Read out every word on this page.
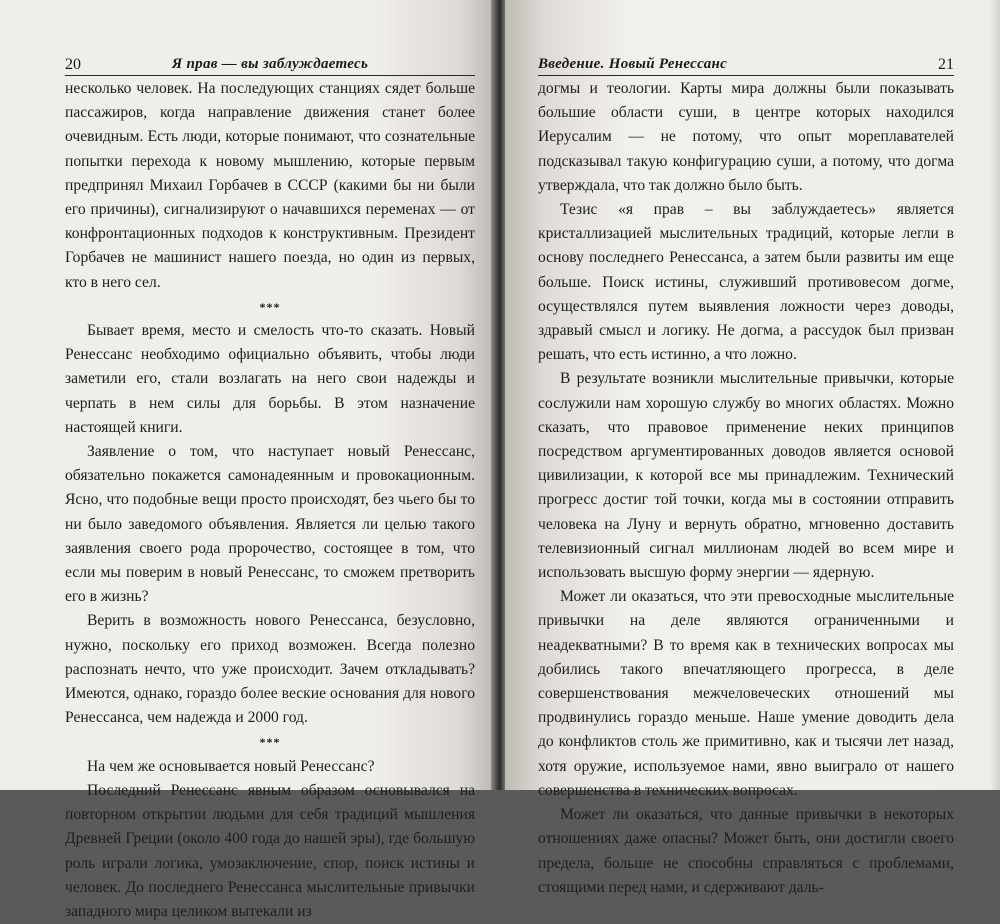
20	Я прав — вы заблуждаетесь

несколько человек. На последующих станциях сядет больше пассажиров, когда направление движения станет более очевидным. Есть люди, которые понимают, что сознательные попытки перехода к новому мышлению, которые первым предпринял Михаил Горбачев в СССР (какими бы ни были его причины), сигнализируют о начавшихся переменах — от конфронтационных подходов к конструктивным. Президент Горбачев не машинист нашего поезда, но один из первых, кто в него сел.

***

Бывает время, место и смелость что-то сказать. Новый Ренессанс необходимо официально объявить, чтобы люди заметили его, стали возлагать на него свои надежды и черпать в нем силы для борьбы. В этом назначение настоящей книги.

Заявление о том, что наступает новый Ренессанс, обязательно покажется самонадеянным и провокационным. Ясно, что подобные вещи просто происходят, без чьего бы то ни было заведомого объявления. Является ли целью такого заявления своего рода пророчество, состоящее в том, что если мы поверим в новый Ренессанс, то сможем претворить его в жизнь?

Верить в возможность нового Ренессанса, безусловно, нужно, поскольку его приход возможен. Всегда полезно распознать нечто, что уже происходит. Зачем откладывать? Имеются, однако, гораздо более веские основания для нового Ренессанса, чем надежда и 2000 год.

***

На чем же основывается новый Ренессанс?

Последний Ренессанс явным образом основывался на повторном открытии людьми для себя традиций мышления Древней Греции (около 400 года до нашей эры), где большую роль играли логика, умозаключение, спор, поиск истины и человек. До последнего Ренессанса мыслительные привычки западного мира целиком вытекали из

Введение. Новый Ренессанс	21

догмы и теологии. Карты мира должны были показывать большие области суши, в центре которых находился Иерусалим — не потому, что опыт мореплавателей подсказывал такую конфигурацию суши, а потому, что догма утверждала, что так должно было быть.

Тезис «я прав – вы заблуждаетесь» является кристаллизацией мыслительных традиций, которые легли в основу последнего Ренессанса, а затем были развиты им еще больше. Поиск истины, служивший противовесом догме, осуществлялся путем выявления ложности через доводы, здравый смысл и логику. Не догма, а рассудок был призван решать, что есть истинно, а что ложно.

В результате возникли мыслительные привычки, которые сослужили нам хорошую службу во многих областях. Можно сказать, что правовое применение неких принципов посредством аргументированных доводов является основой цивилизации, к которой все мы принадлежим. Технический прогресс достиг той точки, когда мы в состоянии отправить человека на Луну и вернуть обратно, мгновенно доставить телевизионный сигнал миллионам людей во всем мире и использовать высшую форму энергии — ядерную.

Может ли оказаться, что эти превосходные мыслительные привычки на деле являются ограниченными и неадекватными? В то время как в технических вопросах мы добились такого впечатляющего прогресса, в деле совершенствования межчеловеческих отношений мы продвинулись гораздо меньше. Наше умение доводить дела до конфликтов столь же примитивно, как и тысячи лет назад, хотя оружие, используемое нами, явно выиграло от нашего совершенства в технических вопросах.

Может ли оказаться, что данные привычки в некоторых отношениях даже опасны? Может быть, они достигли своего предела, больше не способны справляться с проблемами, стоящими перед нами, и сдерживают даль-
